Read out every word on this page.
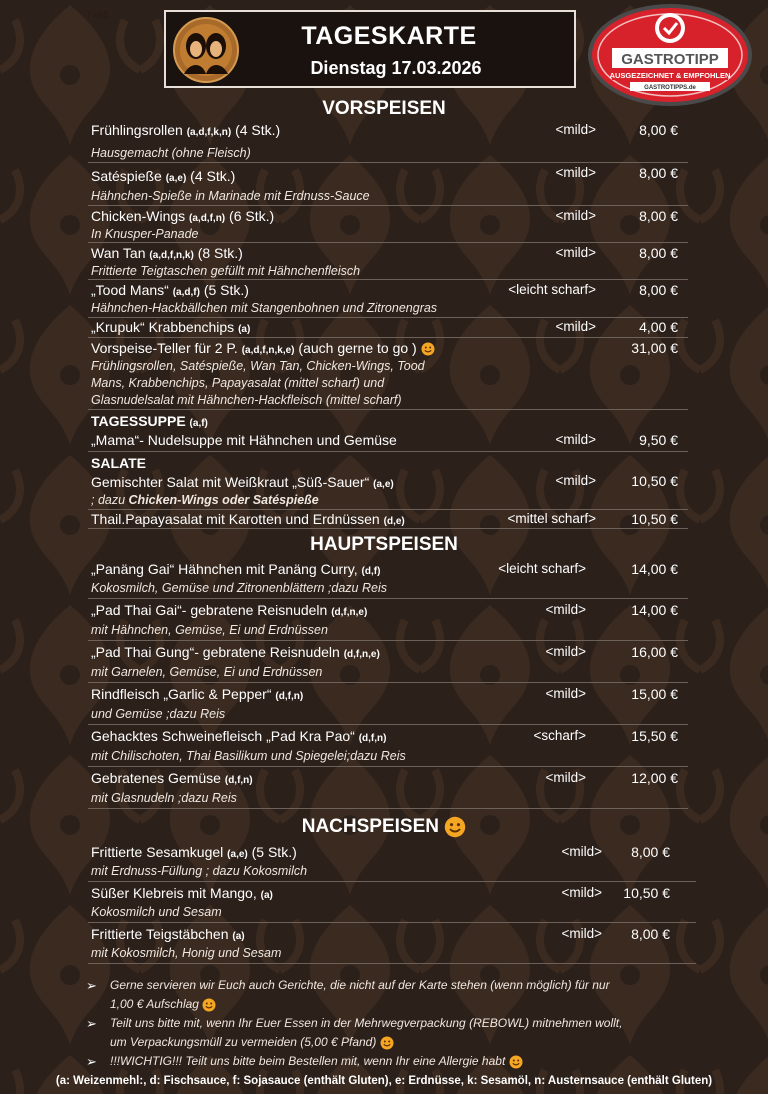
7+#8
TAGESKARTE
Dienstag 17.03.2026	GASTROTIPP
AUSGEZEICHNET & EMPFOHLEN
GASTROTIPPS.de
VORSPEISEN
Frühlingsrollen (a,d,f,k,n) (4 Stk.)
Hausgemacht (ohne Fleisch)
<mild>	8,00 €
Satéspieße (a,e) (4 Stk.)
Hähnchen-Spieße in Marinade mit Erdnuss-Sauce
<mild>	8,00 €
Chicken-Wings (a,d,f,n) (6 Stk.)
In Knusper-Panade
<mild>	8,00 €
Wan Tan (a,d,f,n,k) (8 Stk.)
Frittierte Teigtaschen gefüllt mit Hähnchenfleisch
<mild>	8,00 €
„Tood Mans“ (a,d,f) (5 Stk.)
Hähnchen-Hackbällchen mit Stangenbohnen und Zitronengras
<leicht scharf>	8,00 €
„Krupuk“ Krabbenchips (a)	<mild>	4,00 €
Vorspeise-Teller für 2 P. (a,d,f,n,k,e) (auch gerne to go )
Frühlingsrollen, Satéspieße, Wan Tan, Chicken-Wings, Tood
Mans, Krabbenchips, Papayasalat (mittel scharf) und
Glasnudelsalat mit Hähnchen-Hackfleisch (mittel scharf)
31,00 €
TAGESSUPPE (a,f)
„Mama“- Nudelsuppe mit Hähnchen und Gemüse	<mild>	9,50 €
SALATE
Gemischter Salat mit Weißkraut „Süß-Sauer“ (a,e)
; dazu Chicken-Wings oder Satéspieße
<mild>	10,50 €
Thail.Papayasalat mit Karotten und Erdnüssen (d,e)	<mittel scharf>	10,50 €
HAUPTSPEISEN
„Panäng Gai“ Hähnchen mit Panäng Curry, (d,f)
Kokosmilch, Gemüse und Zitronenblättern ;dazu Reis
<leicht scharf>	14,00 €
„Pad Thai Gai“- gebratene Reisnudeln (d,f,n,e)
mit Hähnchen, Gemüse, Ei und Erdnüssen
<mild>	14,00 €
„Pad Thai Gung“- gebratene Reisnudeln (d,f,n,e)
mit Garnelen, Gemüse, Ei und Erdnüssen
<mild>	16,00 €
Rindfleisch „Garlic & Pepper“ (d,f,n)
und Gemüse ;dazu Reis
<mild>	15,00 €
Gehacktes Schweinefleisch „Pad Kra Pao“ (d,f,n)
mit Chilischoten, Thai Basilikum und Spiegelei;dazu Reis
<scharf>	15,50 €
Gebratenes Gemüse (d,f,n)
mit Glasnudeln ;dazu Reis
<mild>	12,00 €
NACHSPEISEN
Frittierte Sesamkugel (a,e) (5 Stk.)
mit Erdnuss-Füllung ; dazu Kokosmilch
<mild>	8,00 €
Süßer Klebreis mit Mango, (a)
Kokosmilch und Sesam
<mild>	10,50 €
Frittierte Teigstäbchen (a)
mit Kokosmilch, Honig und Sesam
<mild>	8,00 €
➢ Gerne servieren wir Euch auch Gerichte, die nicht auf der Karte stehen (wenn möglich) für nur
1,00 € Aufschlag
➢ Teilt uns bitte mit, wenn Ihr Euer Essen in der Mehrwegverpackung (REBOWL) mitnehmen wollt,
um Verpackungsmüll zu vermeiden (5,00 € Pfand)
➢ !!!WICHTIG!!! Teilt uns bitte beim Bestellen mit, wenn Ihr eine Allergie habt
(a: Weizenmehl:, d: Fischsauce, f: Sojasauce (enthält Gluten), e: Erdnüsse, k: Sesamöl, n: Austernsauce (enthält Gluten)
